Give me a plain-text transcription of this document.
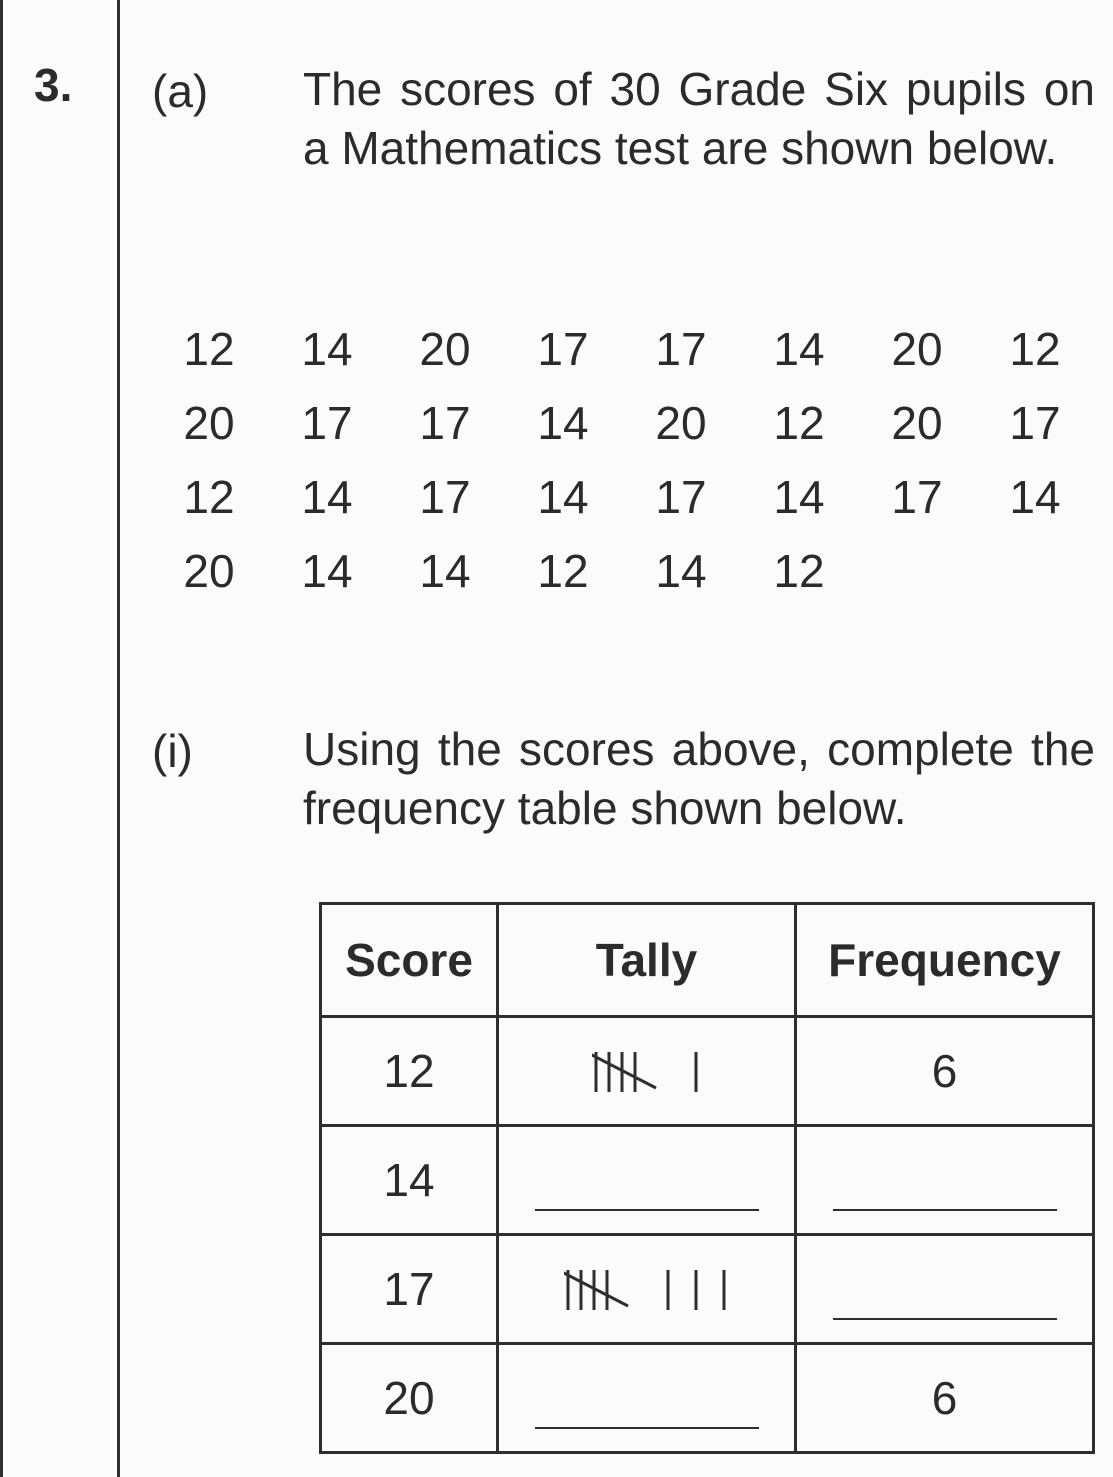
3. (a) The scores of 30 Grade Six pupils on a Mathematics test are shown below.

12	14	20	17	17	14	20	12
20	17	17	14	20	12	20	17
12	14	17	14	17	14	17	14
20	14	14	12	14	12
(i) Using the scores above, complete the frequency table shown below.

Score	Tally	Frequency
12		6
14	

17	

20		6
